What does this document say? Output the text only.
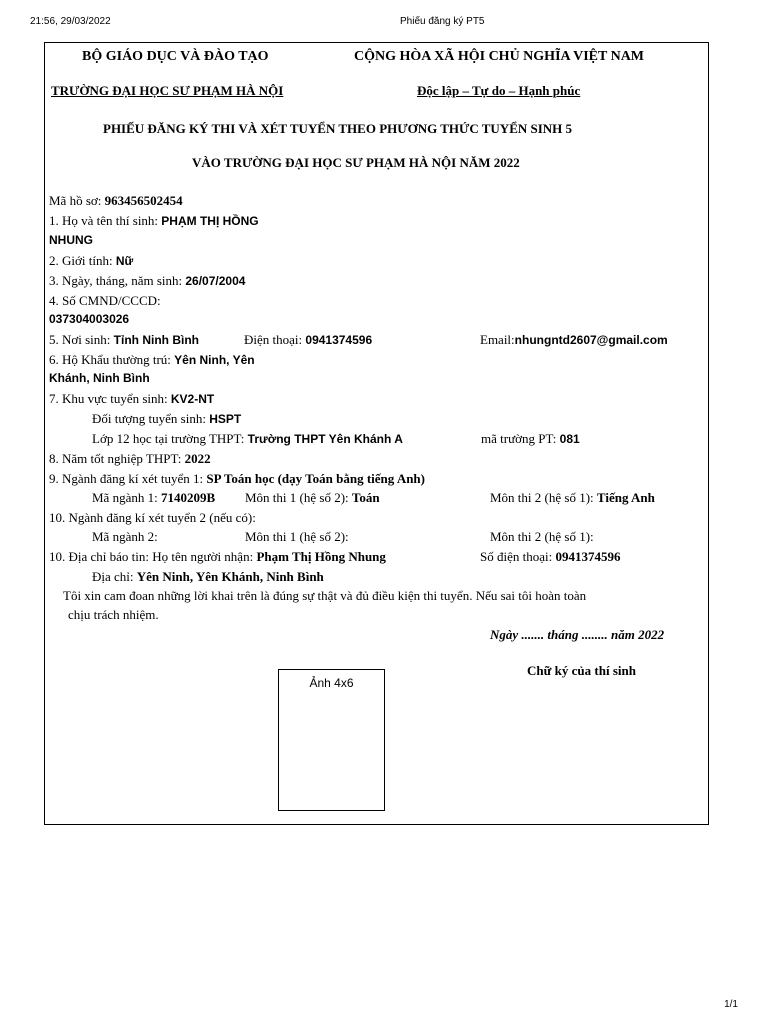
21:56, 29/03/2022	Phiếu đăng ký PT5
BỘ GIÁO DỤC VÀ ĐÀO TẠO	CỘNG HÒA XÃ HỘI CHỦ NGHĨA VIỆT NAM
TRƯỜNG ĐẠI HỌC SƯ PHẠM HÀ NỘI	Độc lập – Tự do – Hạnh phúc
PHIẾU ĐĂNG KÝ THI VÀ XÉT TUYỂN THEO PHƯƠNG THỨC TUYỂN SINH 5
VÀO TRƯỜNG ĐẠI HỌC SƯ PHẠM HÀ NỘI NĂM 2022
Mã hồ sơ: 963456502454
1. Họ và tên thí sinh: PHẠM THỊ HỒNG
NHUNG
2. Giới tính: Nữ
3. Ngày, tháng, năm sinh: 26/07/2004
4. Số CMND/CCCD:
037304003026
5. Nơi sinh: Tỉnh Ninh Bình	Điện thoại: 0941374596	Email:nhungntd2607@gmail.com
6. Hộ Khẩu thường trú: Yên Ninh, Yên
Khánh, Ninh Bình
7. Khu vực tuyển sinh: KV2-NT
Đối tượng tuyển sinh: HSPT
Lớp 12 học tại trường THPT: Trường THPT Yên Khánh A	mã trường PT: 081
8. Năm tốt nghiệp THPT: 2022
9. Ngành đăng kí xét tuyển 1: SP Toán học (dạy Toán bằng tiếng Anh)
Mã ngành 1: 7140209B Môn thi 1 (hệ số 2): Toán	Môn thi 2 (hệ số 1): Tiếng Anh
10. Ngành đăng kí xét tuyển 2 (nếu có):
Mã ngành 2:	Môn thi 1 (hệ số 2):	Môn thi 2 (hệ số 1):
10. Địa chỉ báo tin: Họ tên người nhận: Phạm Thị Hồng Nhung	Số điện thoại: 0941374596
Địa chỉ: Yên Ninh, Yên Khánh, Ninh Bình
Tôi xin cam đoan những lời khai trên là đúng sự thật và đủ điều kiện thi tuyển. Nếu sai tôi hoàn toàn
chịu trách nhiệm.
Ngày ....... tháng ........ năm 2022
Chữ ký của thí sinh
Ảnh 4x6
1/1
